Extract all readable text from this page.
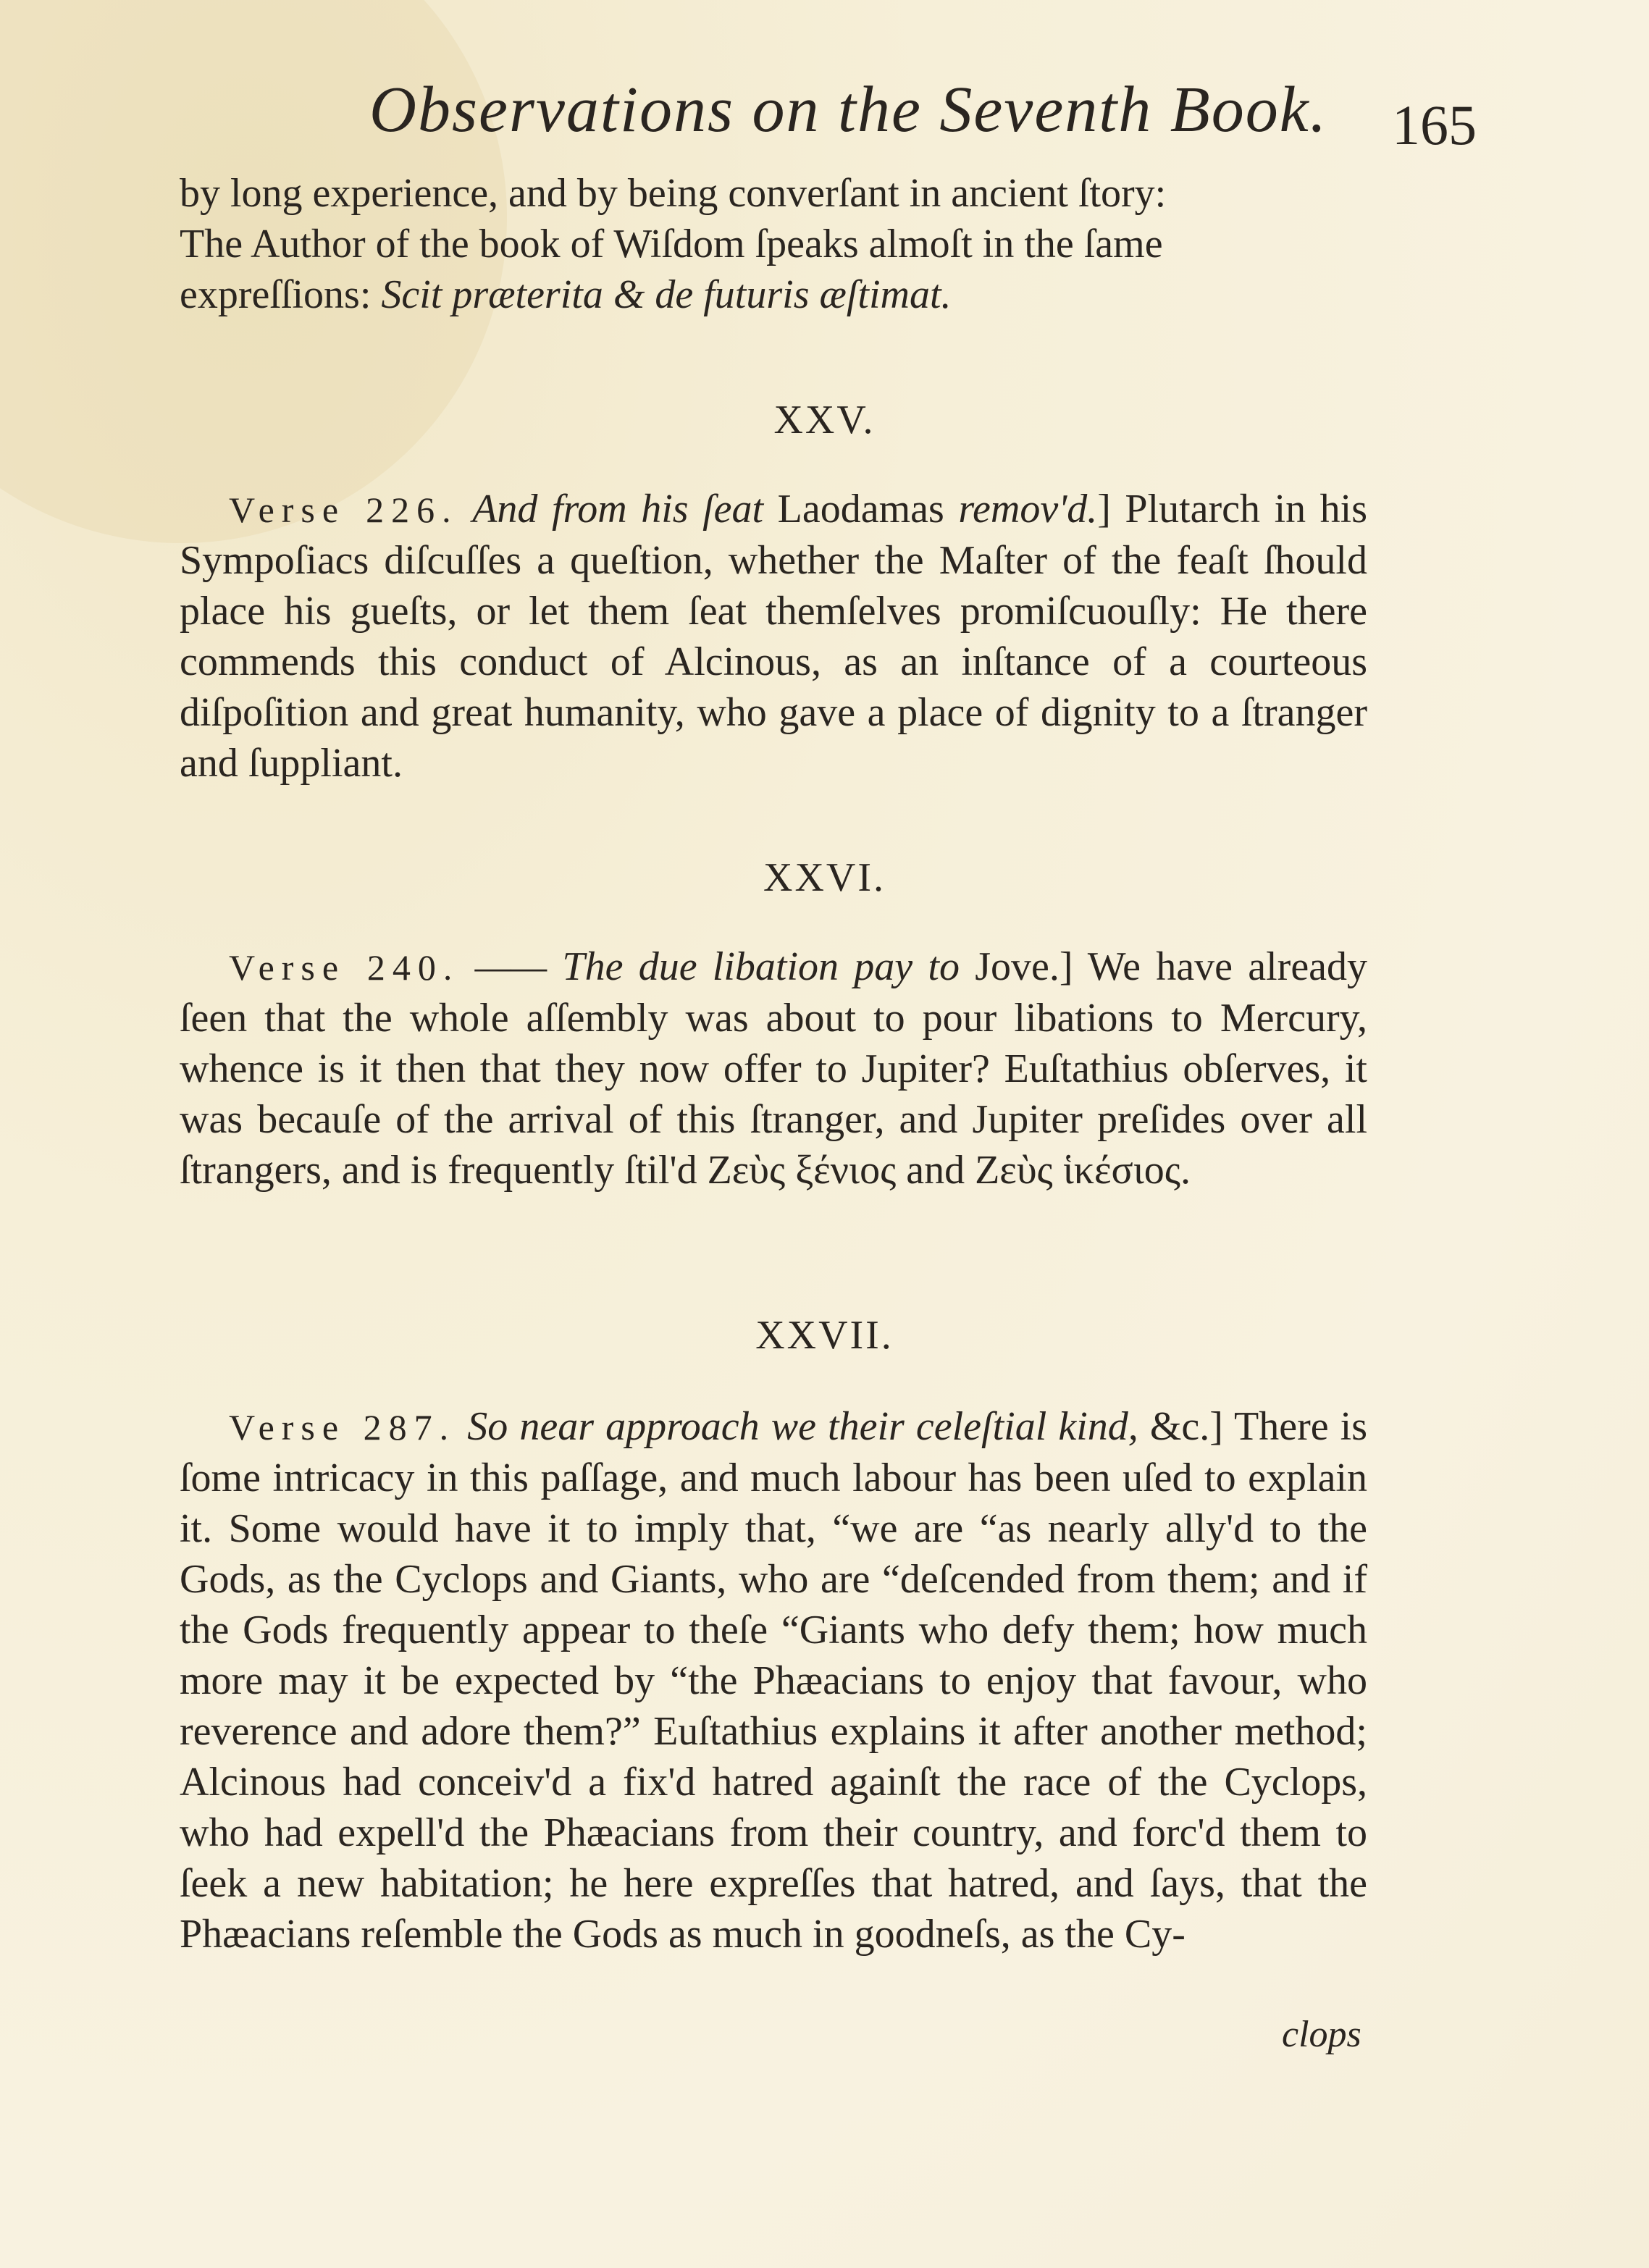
Observations on the Seventh Book. 165

by long experience, and by being converſant in ancient ſtory:

The Author of the book of Wiſdom ſpeaks almoſt in the ſame

expreſſions: Scit præterita & de futuris æſtimat.

XXV.

Verse 226. And from his ſeat Laodamas remov'd.] Plutarch in his Sympoſiacs diſcuſſes a queſtion, whether the Maſter of the feaſt ſhould place his gueſts, or let them ſeat themſelves promiſcuouſly: He there commends this conduct of Alcinous, as an inſtance of a courteous diſpoſition and great humanity, who gave a place of dignity to a ſtranger and ſuppliant.

XXVI.

Verse 240. —— The due libation pay to Jove.] We have already ſeen that the whole aſſembly was about to pour libations to Mercury, whence is it then that they now offer to Jupiter? Euſtathius obſerves, it was becauſe of the arrival of this ſtranger, and Jupiter preſides over all ſtrangers, and is frequently ſtil'd Ζεὺς ξένιος and Ζεὺς ἱκέσιος.

XXVII.

Verse 287. So near approach we their celeſtial kind, &c.] There is ſome intricacy in this paſſage, and much labour has been uſed to explain it. Some would have it to imply that, “we are “as nearly ally'd to the Gods, as the Cyclops and Giants, who are “deſcended from them; and if the Gods frequently appear to theſe “Giants who defy them; how much more may it be expected by “the Phæacians to enjoy that favour, who reverence and adore them?” Euſtathius explains it after another method; Alcinous had conceiv'd a fix'd hatred againſt the race of the Cyclops, who had expell'd the Phæacians from their country, and forc'd them to ſeek a new habitation; he here expreſſes that hatred, and ſays, that the Phæacians reſemble the Gods as much in goodneſs, as the Cy-

clops
